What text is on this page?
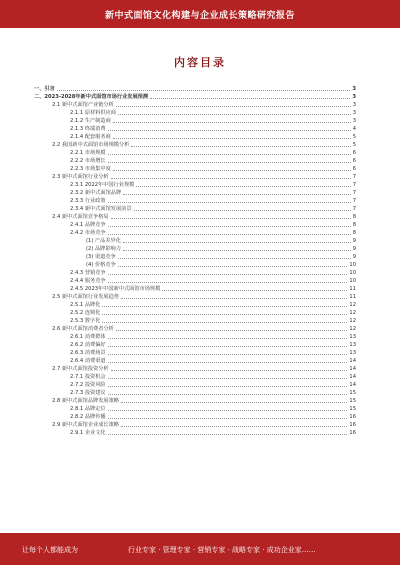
新中式面馆文化构建与企业成长策略研究报告
内容目录
一、引言	3
二、2023-2028年新中式面馆市场行业发展预测	3
2.1 新中式面馆产业链分析	3
2.1.1 原材料供应商	3
2.1.2 生产制造商	3
2.1.3 终端消费	4
2.1.4 配套服务商	5
2.2 我国新中式面馆市场规模分析	5
2.2.1 市场规模	6
2.2.2 市场增长	6
2.2.3 市场集中度	6
2.3 新中式面馆行业分析	7
2.3.1 2022年中国行业规模	7
2.3.2 新中式面馆品牌	7
2.3.3 行业政策	7
2.3.4 新中式面馆发展前景	7
2.4 新中式面馆竞争格局	8
2.4.1 品牌竞争	8
2.4.2 市场竞争	8
(1) 产品差异化	9
(2) 品牌影响力	9
(3) 渠道竞争	9
(4) 价格竞争	10
2.4.3 营销竞争	10
2.4.4 服务竞争	10
2.4.5 2023年中国新中式面馆市场规模	11
2.5 新中式面馆行业发展趋势	11
2.5.1 品牌化	12
2.5.2 连锁化	12
2.5.3 数字化	12
2.6 新中式面馆消费者分析	12
2.6.1 消费群体	13
2.6.2 消费偏好	13
2.6.3 消费场景	13
2.6.4 消费渠道	14
2.7 新中式面馆投资分析	14
2.7.1 投资机会	14
2.7.2 投资风险	14
2.7.3 投资建议	15
2.8 新中式面馆品牌发展策略	15
2.8.1 品牌定位	15
2.8.2 品牌传播	16
2.9 新中式面馆企业成长策略	16
2.9.1 企业文化	16
让每个人都能成为	行业专家 · 管理专家 · 营销专家 · 战略专家 · 成功企业家……
